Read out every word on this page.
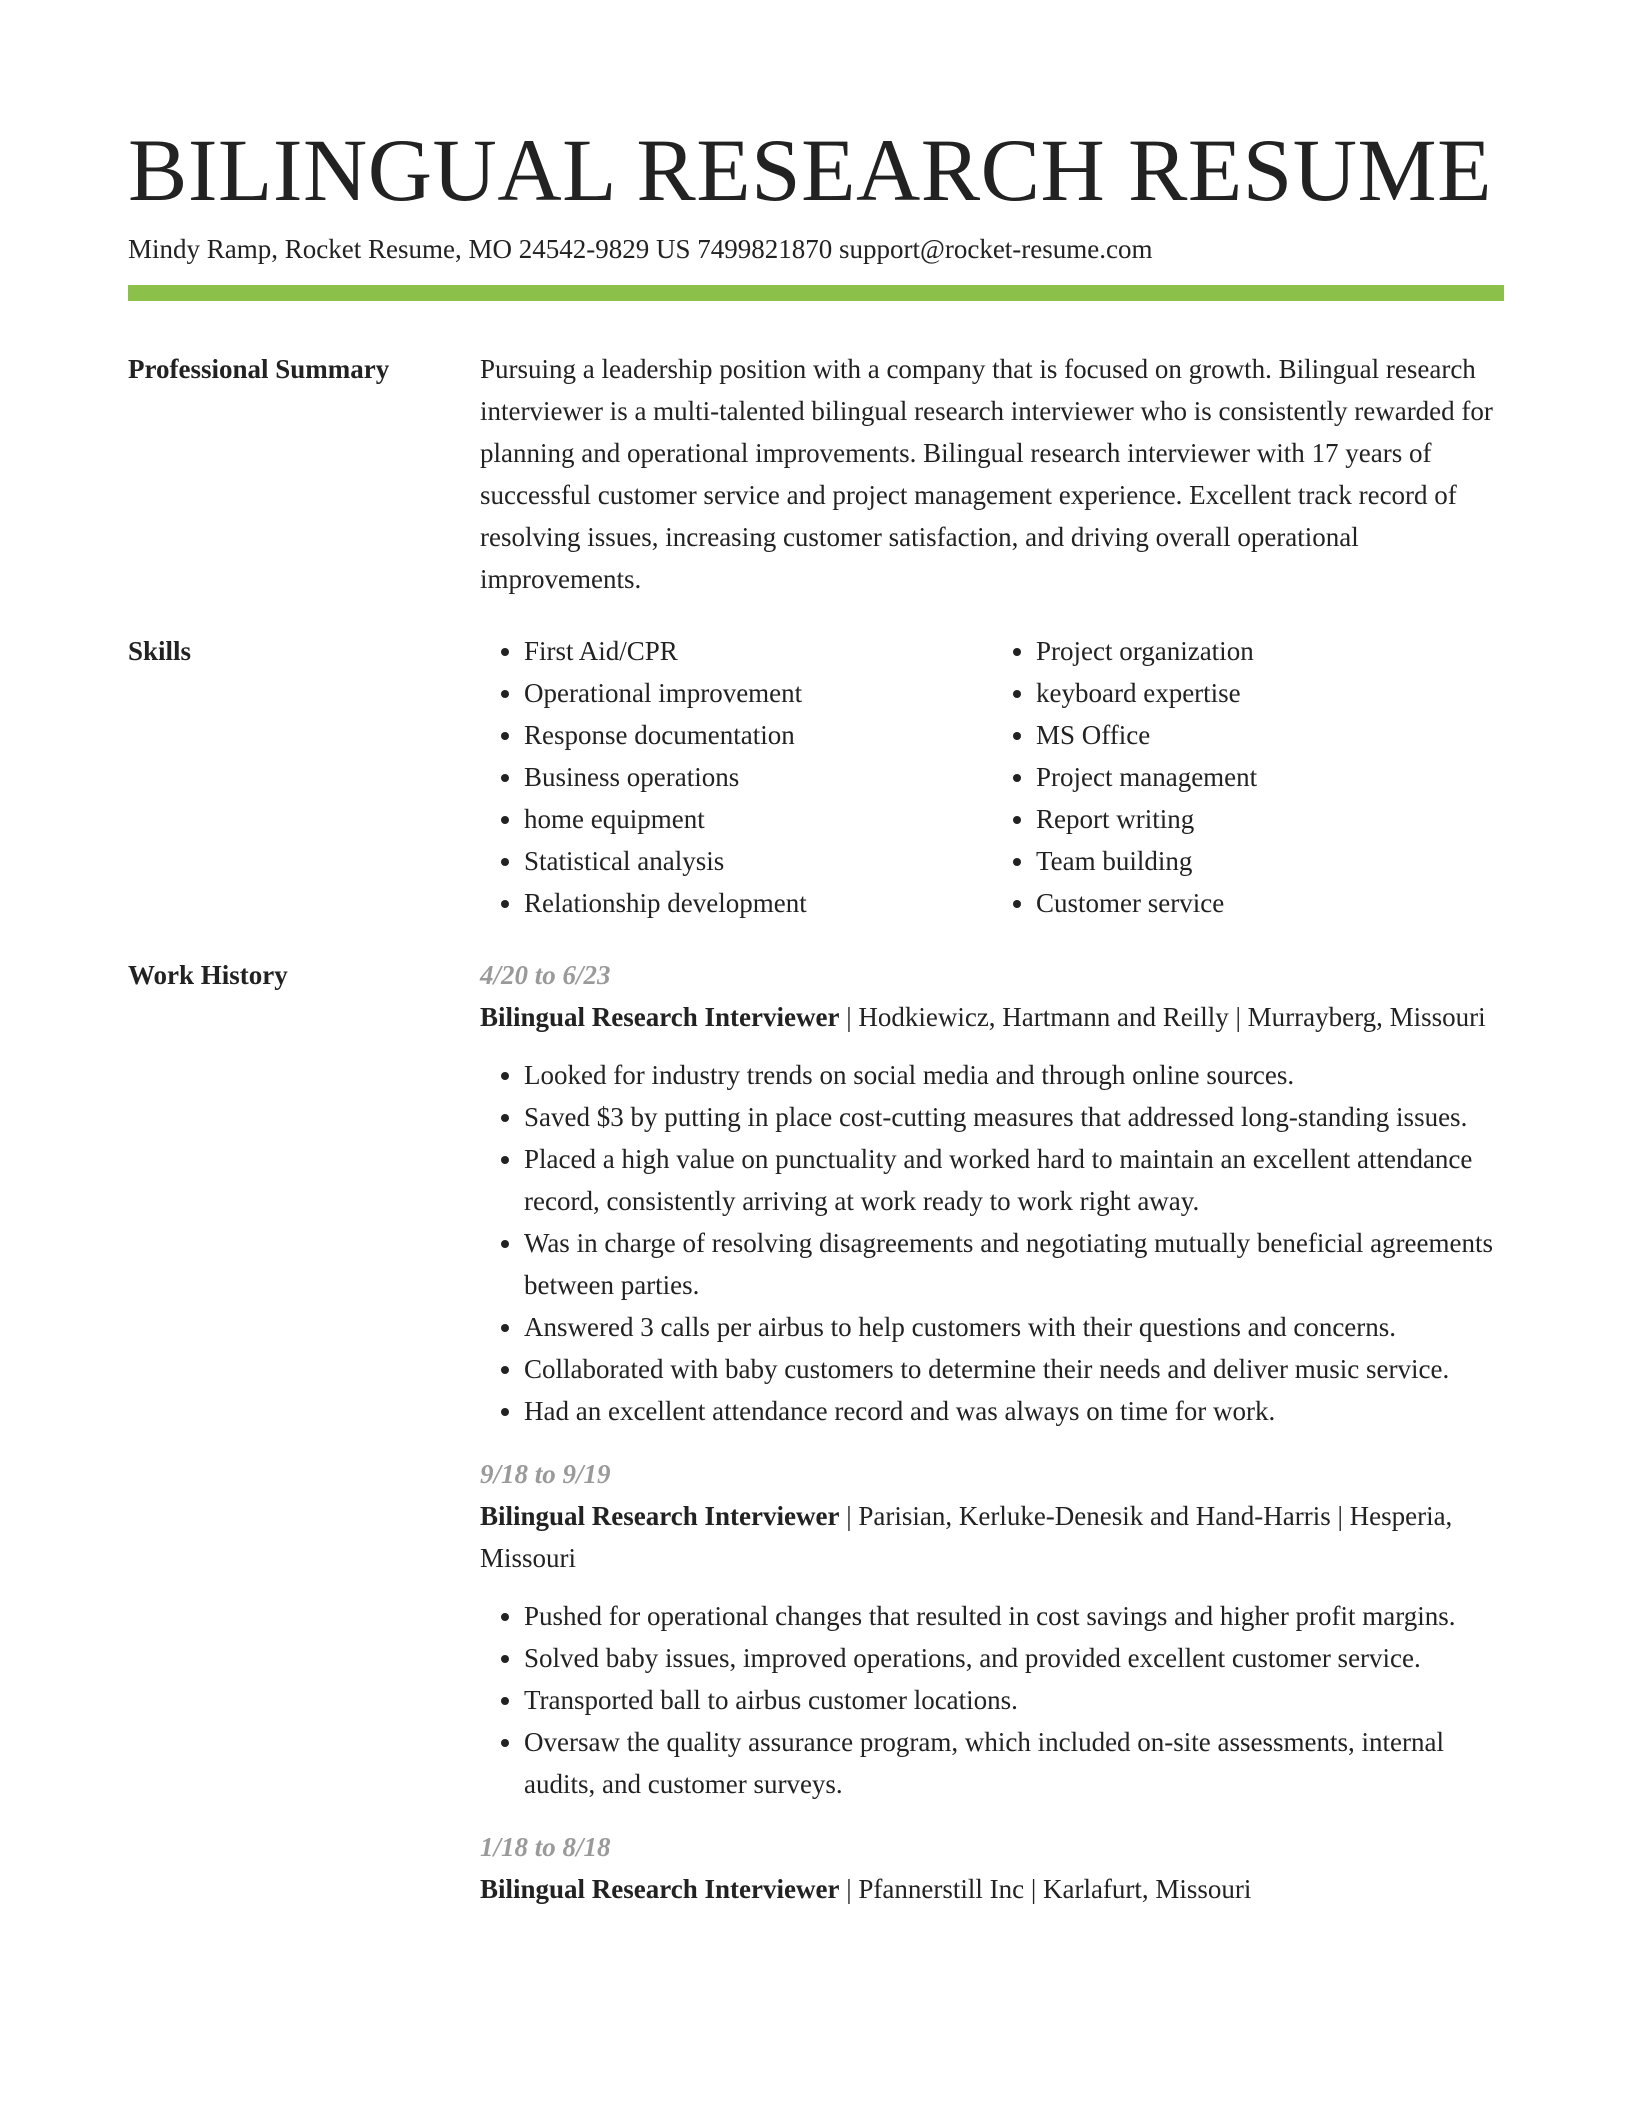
BILINGUAL RESEARCH RESUME
Mindy Ramp, Rocket Resume, MO 24542-9829 US 7499821870 support@rocket-resume.com
Professional Summary	Pursuing a leadership position with a company that is focused on growth. Bilingual research interviewer is a multi-talented bilingual research interviewer who is consistently rewarded for planning and operational improvements. Bilingual research interviewer with 17 years of successful customer service and project management experience. Excellent track record of resolving issues, increasing customer satisfaction, and driving overall operational improvements.

Skills
•	First Aid/CPR
• Operational improvement
• Response documentation
• Business operations
• home equipment
• Statistical analysis
• Relationship development
• Project organization
• keyboard expertise
• MS Office
• Project management
• Report writing
• Team building
• Customer service
Work History	4/20 to 6/23

Bilingual Research Interviewer | Hodkiewicz, Hartmann and Reilly | Murrayberg, Missouri

• Looked for industry trends on social media and through online sources.
• Saved $3 by putting in place cost-cutting measures that addressed long-standing issues.
• Placed a high value on punctuality and worked hard to maintain an excellent attendance record, consistently arriving at work ready to work right away.
• Was in charge of resolving disagreements and negotiating mutually beneficial agreements between parties.
• Answered 3 calls per airbus to help customers with their questions and concerns.
• Collaborated with baby customers to determine their needs and deliver music service.
• Had an excellent attendance record and was always on time for work.

9/18 to 9/19

Bilingual Research Interviewer | Parisian, Kerluke-Denesik and Hand-Harris | Hesperia, Missouri

• Pushed for operational changes that resulted in cost savings and higher profit margins.
• Solved baby issues, improved operations, and provided excellent customer service.
• Transported ball to airbus customer locations.
• Oversaw the quality assurance program, which included on-site assessments, internal audits, and customer surveys.

1/18 to 8/18

Bilingual Research Interviewer | Pfannerstill Inc | Karlafurt, Missouri
